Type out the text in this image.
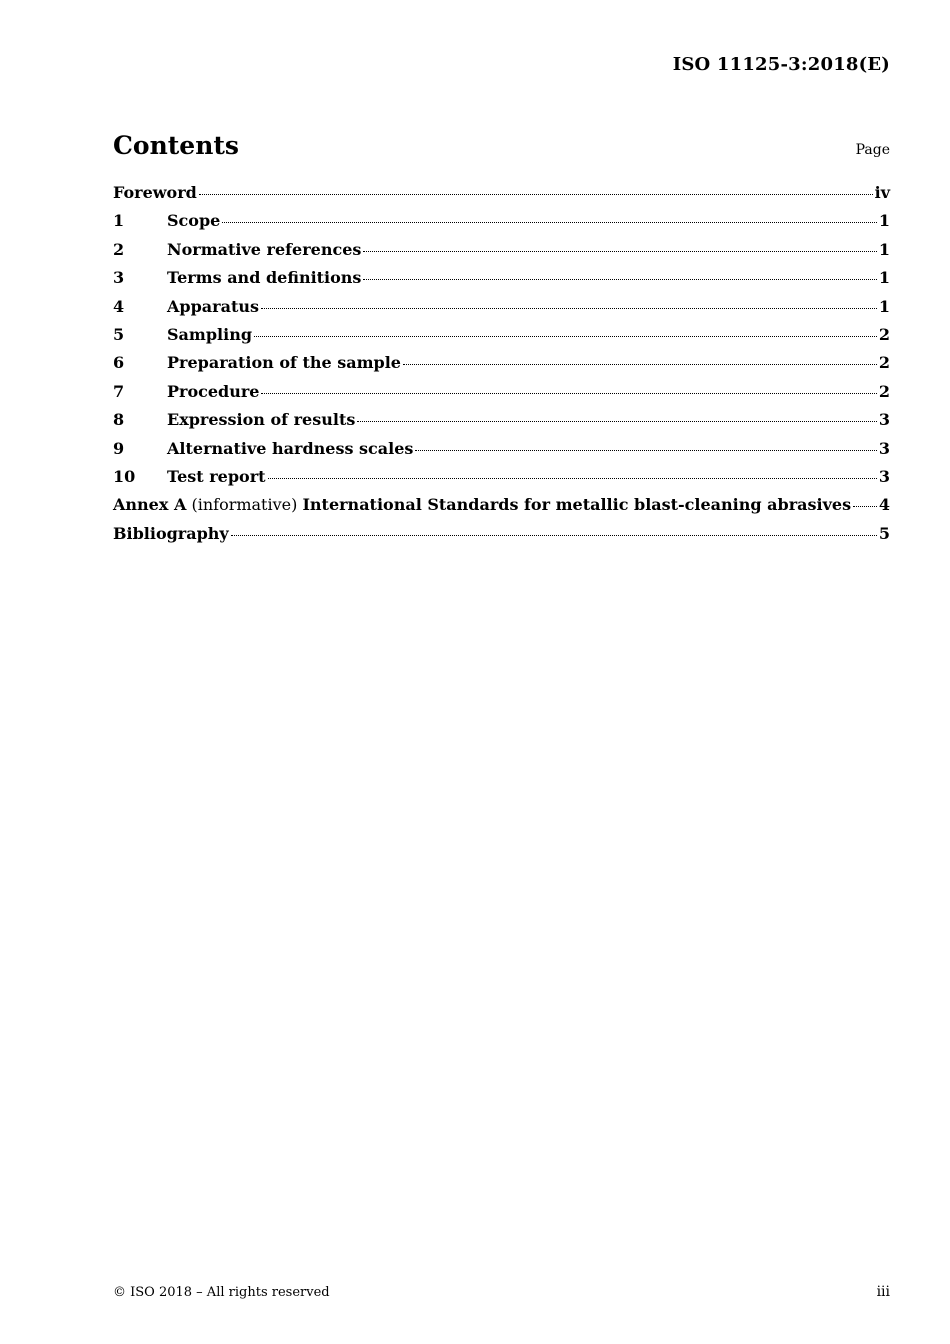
ISO 11125-3:2018(E)
Contents	Page
Foreword	iv
1	Scope	1
2	Normative references	1
3	Terms and definitions	1
4	Apparatus	1
5	Sampling	2
6	Preparation of the sample	2
7	Procedure	2
8	Expression of results	3
9	Alternative hardness scales	3
10	Test report	3
Annex A (informative) International Standards for metallic blast-cleaning abrasives 4
Bibliography	5
© ISO 2018 – All rights reserved	iii
